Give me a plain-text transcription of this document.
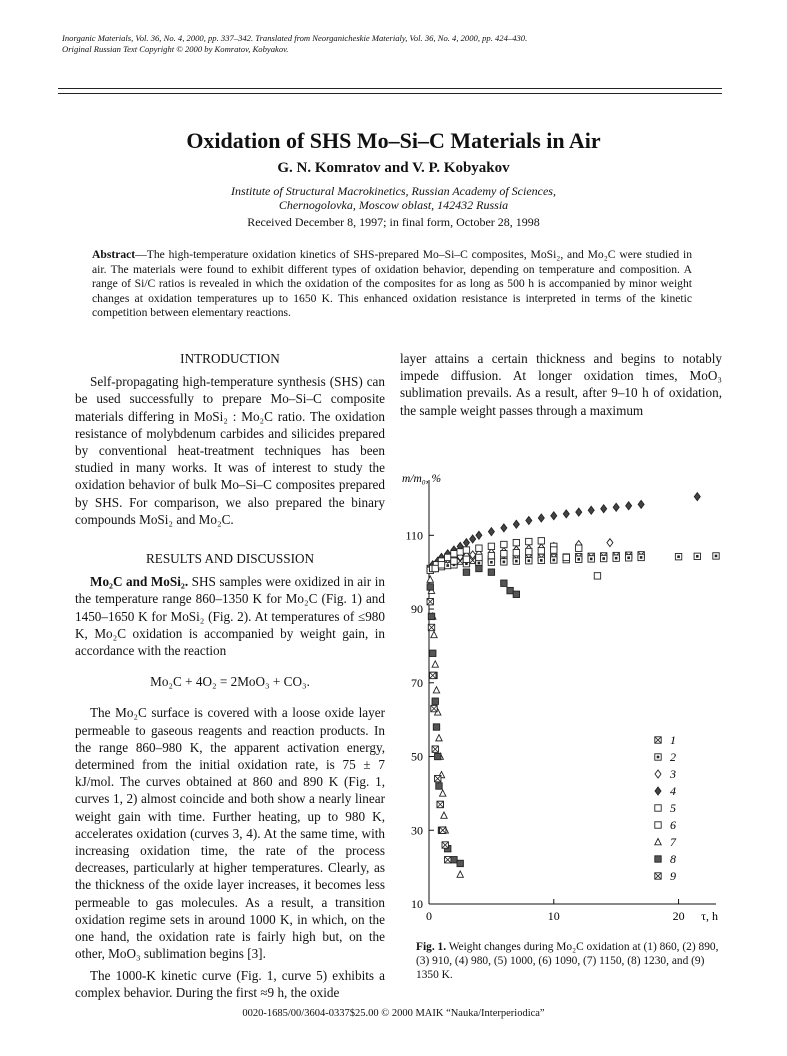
Inorganic Materials, Vol. 36, No. 4, 2000, pp. 337–342. Translated from Neorganicheskie Materialy, Vol. 36, No. 4, 2000, pp. 424–430.
Original Russian Text Copyright © 2000 by Komratov, Kobyakov.
Oxidation of SHS Mo–Si–C Materials in Air
G. N. Komratov and V. P. Kobyakov
Institute of Structural Macrokinetics, Russian Academy of Sciences,
Chernogolovka, Moscow oblast, 142432 Russia
Received December 8, 1997; in final form, October 28, 1998
Abstract—The high-temperature oxidation kinetics of SHS-prepared Mo–Si–C composites, MoSi₂, and Mo₂C were studied in air. The materials were found to exhibit different types of oxidation behavior, depending on temperature and composition. A range of Si/C ratios is revealed in which the oxidation of the composites for as long as 500 h is accompanied by minor weight changes at oxidation temperatures up to 1650 K. This enhanced oxidation resistance is interpreted in terms of the kinetic competition between elementary reactions.

INTRODUCTION

Self-propagating high-temperature synthesis (SHS) can be used successfully to prepare Mo–Si–C composite materials differing in MoSi₂ : Mo₂C ratio. The oxidation resistance of molybdenum carbides and silicides prepared by conventional heat-treatment techniques has been studied in many works. It was of interest to study the oxidation behavior of bulk Mo–Si–C composites prepared by SHS. For comparison, we also prepared the binary compounds MoSi₂ and Mo₂C.

RESULTS AND DISCUSSION

Mo₂C and MoSi₂. SHS samples were oxidized in air in the temperature range 860–1350 K for Mo₂C (Fig. 1) and 1450–1650 K for MoSi₂ (Fig. 2). At temperatures of ≤980 K, Mo₂C oxidation is accompanied by weight gain, in accordance with the reaction

Mo₂C + 4O₂ = 2MoO₃ + CO₃.

The Mo₂C surface is covered with a loose oxide layer permeable to gaseous reagents and reaction products. In the range 860–980 K, the apparent activation energy, determined from the initial oxidation rate, is 75 ± 7 kJ/mol. The curves obtained at 860 and 890 K (Fig. 1, curves 1, 2) almost coincide and both show a nearly linear weight gain with time. Further heating, up to 980 K, accelerates oxidation (curves 3, 4). At the same time, with increasing oxidation time, the rate of the process decreases, particularly at higher temperatures. Clearly, as the thickness of the oxide layer increases, it becomes less permeable to gas molecules. As a result, a transition oxidation regime sets in around 1000 K, in which, on the one hand, the oxidation rate is fairly high but, on the other, MoO₃ sublimation begins [3].

The 1000-K kinetic curve (Fig. 1, curve 5) exhibits a complex behavior. During the first ≈9 h, the oxide

layer attains a certain thickness and begins to notably impede diffusion. At longer oxidation times, MoO₃ sublimation prevails. As a result, after 9–10 h of oxidation, the sample weight passes through a maximum

0	10	20
10
30
50
70
90
110
m/m₀, %
τ, h
1
2
3
4
5
6
7
8
9
Fig. 1. Weight changes during Mo₂C oxidation at (1) 860, (2) 890, (3) 910, (4) 980, (5) 1000, (6) 1090, (7) 1150, (8) 1230, and (9) 1350 K.
0020-1685/00/3604-0337$25.00 © 2000 MAIK “Nauka/Interperiodica”
